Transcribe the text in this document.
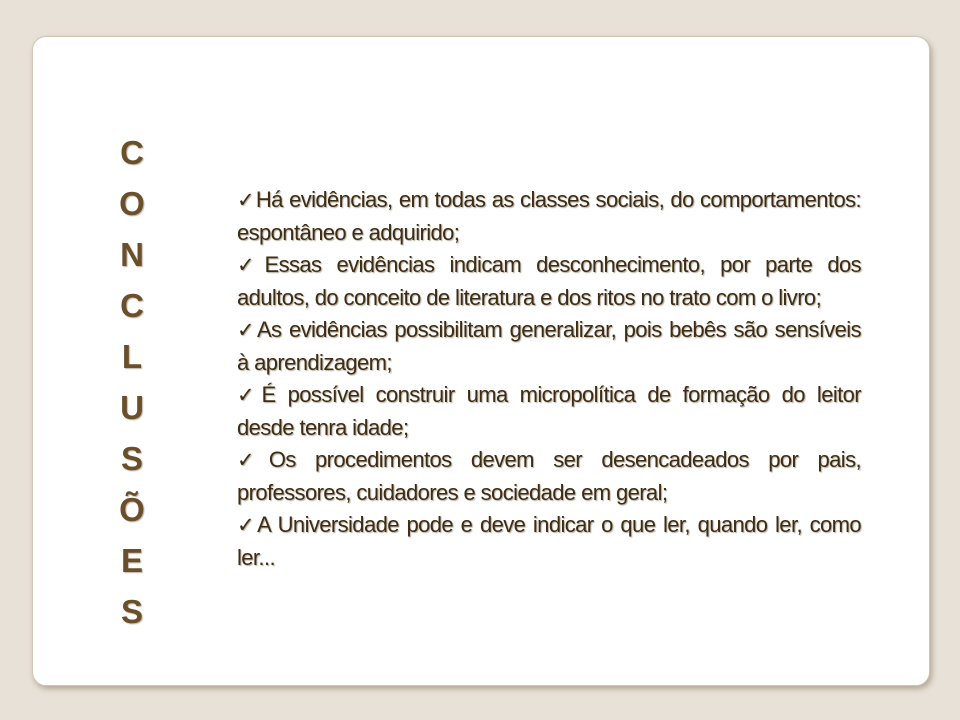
C
O
N
C
L
U
S
Õ
E
S
✓Há evidências, em todas as classes sociais, do comportamentos: espontâneo e adquirido;
✓Essas evidências indicam desconhecimento, por parte dos adultos, do conceito de literatura e dos ritos no trato com o livro;
✓As evidências possibilitam generalizar, pois bebês são sensíveis à aprendizagem;
✓É possível construir uma micropolítica de formação do leitor desde tenra idade;
✓Os procedimentos devem ser desencadeados por pais, professores, cuidadores e sociedade em geral;
✓A Universidade pode e deve indicar o que ler, quando ler, como ler...
